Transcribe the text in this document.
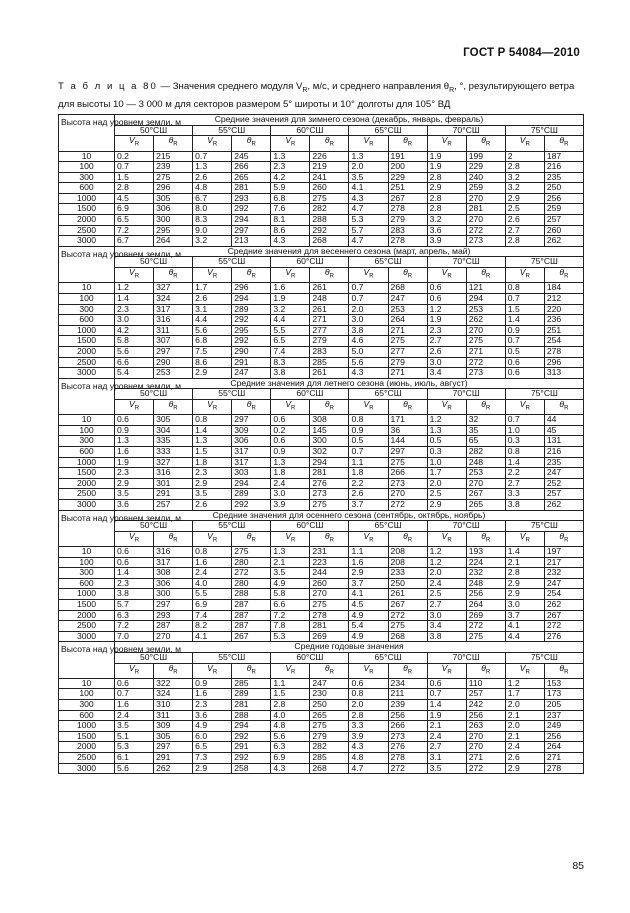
ГОСТ Р 54084—2010
Т а б л и ц а 80 — Значения среднего модуля $V_R$, м/с, и среднего направления $\theta_R$, °, результирующего ветра для высоты 10 — 3 000 м для секторов размером 5° широты и 10° долготы для 105° ВД
Высота над уровнем земли, м	Средние значения для зимнего сезона (декабрь, январь, февраль)											
	50°СШ		55°СШ		60°СШ		65°СШ		70°СШ		75°СШ	
	$V_R$	$\theta_R$	$V_R$	$\theta_R$	$V_R$	$\theta_R$	$V_R$	$\theta_R$	$V_R$	$\theta_R$	$V_R$	$\theta_R$
10	0.2	215	0.7	245	1.3	226	1.3	191	1.9	199	2	187
100	0.7	239	1.3	266	2.3	219	2.0	200	1.9	229	2.8	216
300	1.5	275	2.6	265	4.2	241	3.5	229	2.8	240	3.2	235
600	2.8	296	4.8	281	5.9	260	4.1	251	2.9	259	3.2	250
1000	4.5	305	6.7	293	6.8	275	4.3	267	2.8	270	2.9	256
1500	6.9	306	8.0	292	7.6	282	4.7	278	2.8	281	2.5	259
2000	6.5	300	8.3	294	8.1	288	5.3	279	3.2	270	2.6	257
2500	7.2	295	9.0	297	8.6	292	5.7	283	3.6	272	2.7	260
3000	6.7	264	3.2	213	4.3	268	4.7	278	3.9	273	2.8	262
Высота над уровнем земли, м	Средние значения для весеннего сезона (март, апрель, май)											
	50°СШ		55°СШ		60°СШ		65°СШ		70°СШ		75°СШ	
	$V_R$	$\theta_R$	$V_R$	$\theta_R$	$V_R$	$\theta_R$	$V_R$	$\theta_R$	$V_R$	$\theta_R$	$V_R$	$\theta_R$
10	1.2	327	1.7	296	1.6	261	0.7	268	0.6	121	0.8	184
100	1.4	324	2.6	294	1.9	248	0.7	247	0.6	294	0.7	212
300	2.3	317	3.1	289	3.2	261	2.0	253	1.2	253	1.5	220
600	3.0	316	4.4	292	4.4	271	3.0	264	1.9	262	1.4	236
1000	4.2	311	5.6	295	5.5	277	3.8	271	2.3	270	0.9	251
1500	5.8	307	6.8	292	6.5	279	4.6	275	2.7	275	0.7	254
2000	5.6	297	7.5	290	7.4	283	5.0	277	2.6	271	0.5	278
2500	6.6	290	8.6	291	8.3	285	5.6	279	3.0	272	0.6	296
3000	5.4	253	2.9	247	3.8	261	4.3	271	3.4	273	0.6	313
Высота над уровнем земли, м	Средние значения для летнего сезона (июнь, июль, август)											
	50°СШ		55°СШ		60°СШ		65°СШ		70°СШ		75°СШ	
	$V_R$	$\theta_R$	$V_R$	$\theta_R$	$V_R$	$\theta_R$	$V_R$	$\theta_R$	$V_R$	$\theta_R$	$V_R$	$\theta_R$
10	0.6	305	0.8	297	0.6	308	0.8	171	1.2	32	0.7	44
100	0.9	304	1.4	309	0.2	145	0.9	36	1.3	35	1.0	45
300	1.3	335	1.3	306	0.6	300	0.5	144	0.5	65	0.3	131
600	1.6	333	1.5	317	0.9	302	0.7	297	0.3	282	0.8	216
1000	1.9	327	1.8	317	1.3	294	1.1	275	1.0	248	1.4	235
1500	2.3	316	2.3	303	1.8	281	1.8	266	1.7	253	2.2	247
2000	2.9	301	2.9	294	2.4	276	2.2	273	2.0	270	2.7	252
2500	3.5	291	3.5	289	3.0	273	2.6	270	2.5	267	3.3	257
3000	3.6	257	2.6	292	3.9	275	3.7	272	2.9	265	3.8	262
Высота над уровнем земли, м	Средние значения для осеннего сезона (сентябрь, октябрь, ноябрь)											
	50°СШ		55°СШ		60°СШ		65°СШ		70°СШ		75°СШ	
	$V_R$	$\theta_R$	$V_R$	$\theta_R$	$V_R$	$\theta_R$	$V_R$	$\theta_R$	$V_R$	$\theta_R$	$V_R$	$\theta_R$
10	0.6	316	0.8	275	1.3	231	1.1	208	1.2	193	1.4	197
100	0.6	317	1.6	280	2.1	223	1.6	208	1.2	224	2.1	217
300	1.4	308	2.4	272	3.5	244	2.9	233	2.0	232	2.8	232
600	2.3	306	4.0	280	4.9	260	3.7	250	2.4	248	2.9	247
1000	3.8	300	5.5	288	5.8	270	4.1	261	2.5	256	2.9	254
1500	5.7	297	6.9	287	6.6	275	4.5	267	2.7	264	3.0	262
2000	6.3	293	7.4	287	7.2	278	4.9	272	3.0	269	3.7	267
2500	7.2	287	8.2	287	7.8	281	5.4	275	3.4	272	4.1	272
3000	7.0	270	4.1	267	5.3	269	4.9	268	3.8	275	4.4	276
Высота над уровнем земли, м	Средние годовые значения											
	50°СШ		55°СШ		60°СШ		65°СШ		70°СШ		75°СШ	
	$V_R$	$\theta_R$	$V_R$	$\theta_R$	$V_R$	$\theta_R$	$V_R$	$\theta_R$	$V_R$	$\theta_R$	$V_R$	$\theta_R$
10	0.6	322	0.9	285	1.1	247	0.6	234	0.6	110	1.2	153
100	0.7	324	1.6	289	1.5	230	0.8	211	0.7	257	1.7	173
300	1.6	310	2.3	281	2.8	250	2.0	239	1.4	242	2.0	205
600	2.4	311	3.6	288	4.0	265	2.8	256	1.9	256	2.1	237
1000	3.5	309	4.9	294	4.8	275	3.3	266	2.1	263	2.0	249
1500	5.1	305	6.0	292	5.6	279	3.9	273	2.4	270	2.1	256
2000	5.3	297	6.5	291	6.3	282	4.3	276	2.7	270	2.4	264
2500	6.1	291	7.3	292	6.9	285	4.8	278	3.1	271	2.6	271
3000	5.6	262	2.9	258	4.3	268	4.7	272	3.5	272	2.9	278
85
